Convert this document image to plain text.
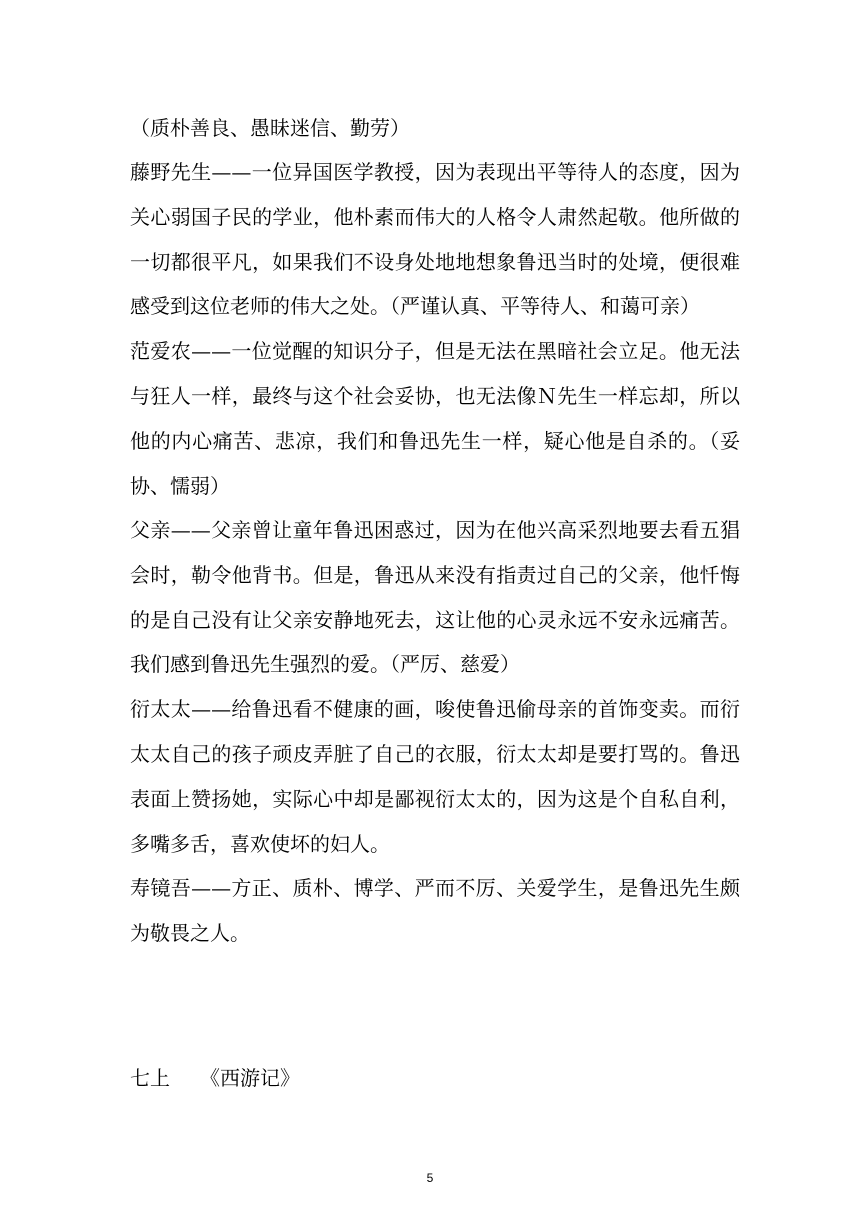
（质朴善良、愚昧迷信、勤劳）
藤野先生——一位异国医学教授，因为表现出平等待人的态度，因为
关心弱国子民的学业，他朴素而伟大的人格令人肃然起敬。他所做的
一切都很平凡，如果我们不设身处地地想象鲁迅当时的处境，便很难
感受到这位老师的伟大之处。（严谨认真、平等待人、和蔼可亲）
范爱农——一位觉醒的知识分子，但是无法在黑暗社会立足。他无法
与狂人一样，最终与这个社会妥协，也无法像Ｎ先生一样忘却，所以
他的内心痛苦、悲凉，我们和鲁迅先生一样，疑心他是自杀的。（妥
协、懦弱）
父亲——父亲曾让童年鲁迅困惑过，因为在他兴高采烈地要去看五猖
会时，勒令他背书。但是，鲁迅从来没有指责过自己的父亲，他忏悔
的是自己没有让父亲安静地死去，这让他的心灵永远不安永远痛苦。
我们感到鲁迅先生强烈的爱。（严厉、慈爱）
衍太太——给鲁迅看不健康的画，唆使鲁迅偷母亲的首饰变卖。而衍
太太自己的孩子顽皮弄脏了自己的衣服，衍太太却是要打骂的。鲁迅
表面上赞扬她，实际心中却是鄙视衍太太的，因为这是个自私自利，
多嘴多舌，喜欢使坏的妇人。
寿镜吾——方正、质朴、博学、严而不厉、关爱学生，是鲁迅先生颇
为敬畏之人。
七上　　《西游记》
5
